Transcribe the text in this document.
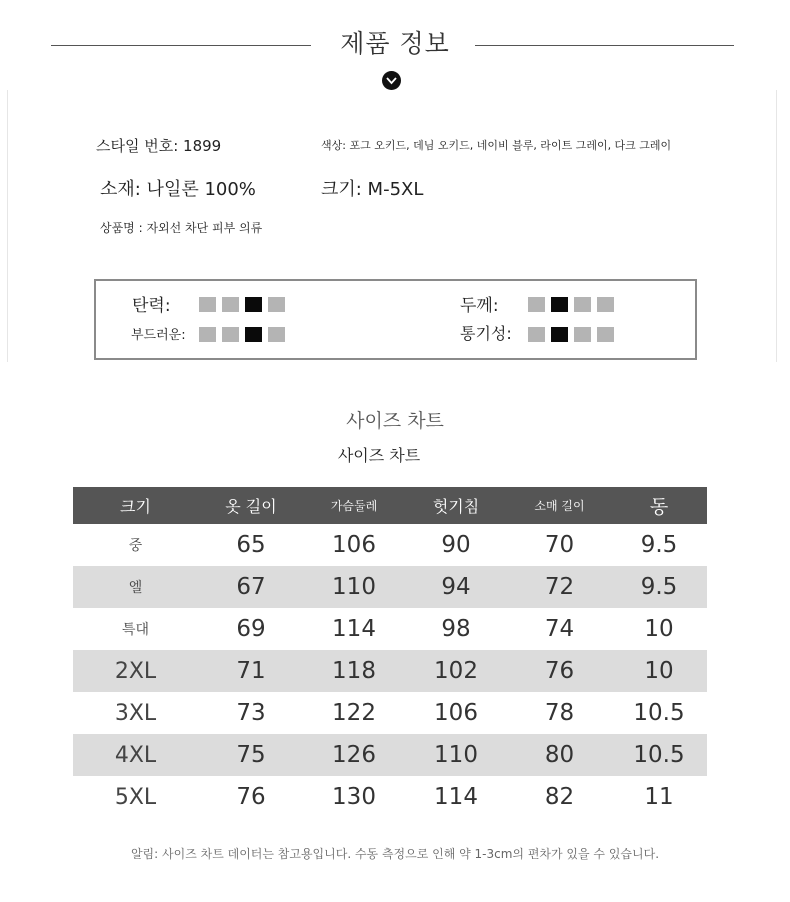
제품 정보
스타일 번호: 1899	색상: 포그 오키드, 데님 오키드, 네이비 블루, 라이트 그레이, 다크 그레이
소재: 나일론 100%	크기: M-5XL
상품명 : 자외선 차단 피부 의류
탄력:	두께:
부드러운:	통기성:
사이즈 차트
사이즈 차트
크기	옷 길이	가슴둘레	헛기침	소매 길이	동
중	65	106	90	70	9.5
엘	67	110	94	72	9.5
특대	69	114	98	74	10
2XL	71	118	102	76	10
3XL	73	122	106	78	10.5
4XL	75	126	110	80	10.5
5XL	76	130	114	82	11
알림: 사이즈 차트 데이터는 참고용입니다. 수동 측정으로 인해 약 1-3cm의 편차가 있을 수 있습니다.
